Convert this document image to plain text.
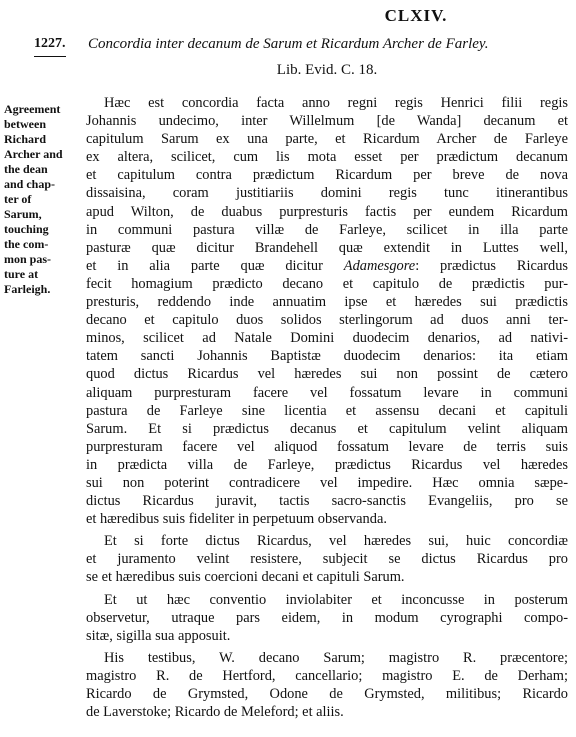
CLXIV.
1227. Concordia inter decanum de Sarum et Ricardum Archer de Farley.
Lib. Evid. C. 18.
Agreement
between
Richard
Archer and
the dean
and chap-
ter of
Sarum,
touching
the com-
mon pas-
ture at
Farleigh.
Hæc est concordia facta anno regni regis Henrici filii regis
Johannis undecimo, inter Willelmum [de Wanda] decanum et
capitulum Sarum ex una parte, et Ricardum Archer de Farleye
ex altera, scilicet, cum lis mota esset per prædictum decanum
et capitulum contra prædictum Ricardum per breve de nova
dissaisina, coram justitiariis domini regis tunc itinerantibus
apud Wilton, de duabus purpresturis factis per eundem Ricardum
in communi pastura villæ de Farleye, scilicet in illa parte
pasturæ quæ dicitur Brandehell quæ extendit in Luttes well,
et in alia parte quæ dicitur Adamesgore: prædictus Ricardus
fecit homagium prædicto decano et capitulo de prædictis pur-
presturis, reddendo inde annuatim ipse et hæredes sui prædictis
decano et capitulo duos solidos sterlingorum ad duos anni ter-
minos, scilicet ad Natale Domini duodecim denarios, ad nativi-
tatem sancti Johannis Baptistæ duodecim denarios: ita etiam
quod dictus Ricardus vel hæredes sui non possint de cætero
aliquam purpresturam facere vel fossatum levare in communi
pastura de Farleye sine licentia et assensu decani et capituli
Sarum. Et si prædictus decanus et capitulum velint aliquam
purpresturam facere vel aliquod fossatum levare de terris suis
in prædicta villa de Farleye, prædictus Ricardus vel hæredes
sui non poterint contradicere vel impedire. Hæc omnia sæpe-
dictus Ricardus juravit, tactis sacro-sanctis Evangeliis, pro se
et hæredibus suis fideliter in perpetuum observanda.
Et si forte dictus Ricardus, vel hæredes sui, huic concordiæ
et juramento velint resistere, subjecit se dictus Ricardus pro
se et hæredibus suis coercioni decani et capituli Sarum.
Et ut hæc conventio inviolabiter et inconcusse in posterum
observetur, utraque pars eidem, in modum cyrographi compo-
sitæ, sigilla sua apposuit.
His testibus, W. decano Sarum; magistro R. præcentore;
magistro R. de Hertford, cancellario; magistro E. de Derham;
Ricardo de Grymsted, Odone de Grymsted, militibus; Ricardo
de Laverstoke; Ricardo de Meleford; et aliis.
